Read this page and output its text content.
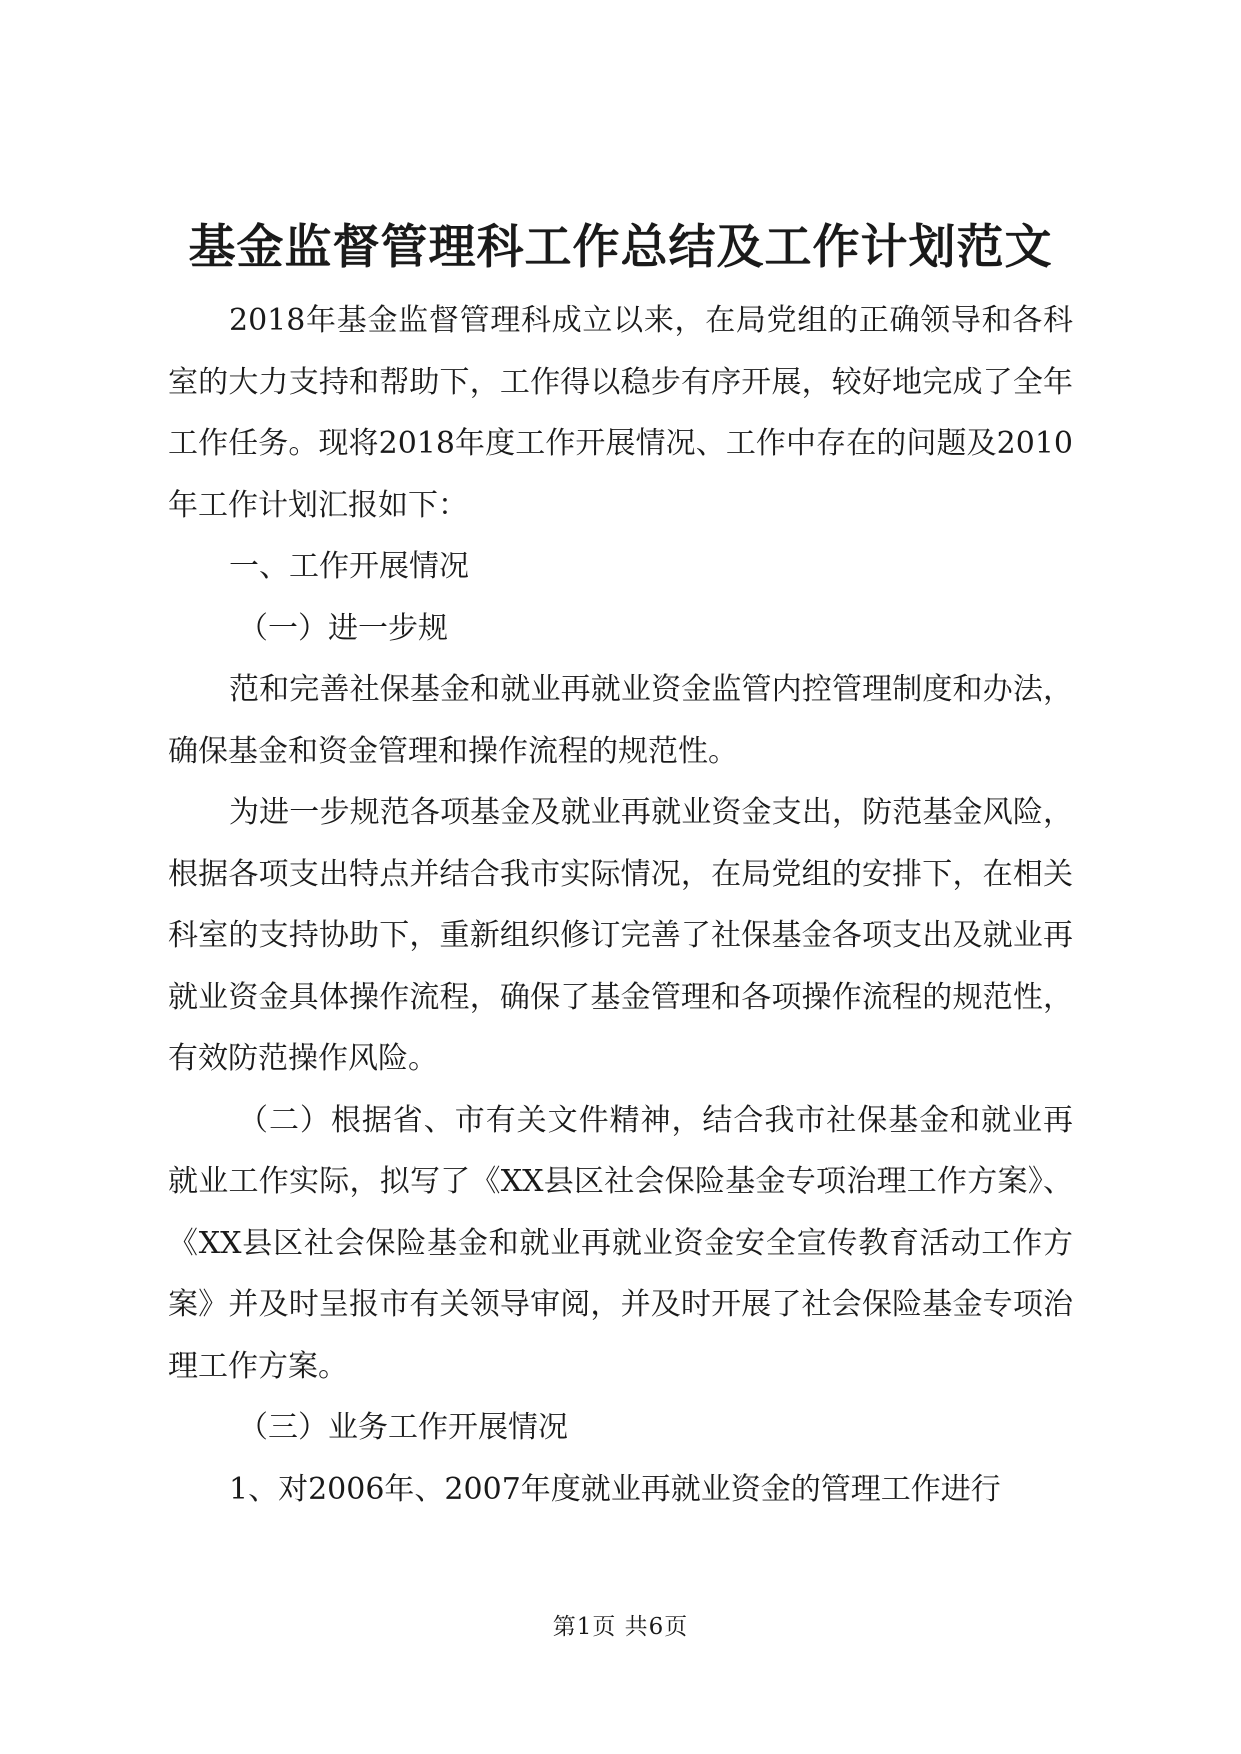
基金监督管理科工作总结及工作计划范文

2018年基金监督管理科成立以来，在局党组的正确领导和各科室的大力支持和帮助下，工作得以稳步有序开展，较好地完成了全年工作任务。现将2018年度工作开展情况、工作中存在的问题及2010年工作计划汇报如下：

一、工作开展情况

（一）进一步规

范和完善社保基金和就业再就业资金监管内控管理制度和办法，确保基金和资金管理和操作流程的规范性。

为进一步规范各项基金及就业再就业资金支出，防范基金风险，根据各项支出特点并结合我市实际情况，在局党组的安排下，在相关科室的支持协助下，重新组织修订完善了社保基金各项支出及就业再就业资金具体操作流程，确保了基金管理和各项操作流程的规范性，有效防范操作风险。

（二）根据省、市有关文件精神，结合我市社保基金和就业再就业工作实际，拟写了《XX县区社会保险基金专项治理工作方案》、《XX县区社会保险基金和就业再就业资金安全宣传教育活动工作方案》并及时呈报市有关领导审阅，并及时开展了社会保险基金专项治理工作方案。

（三）业务工作开展情况

1、对2006年、2007年度就业再就业资金的管理工作进行

第1页 共6页
